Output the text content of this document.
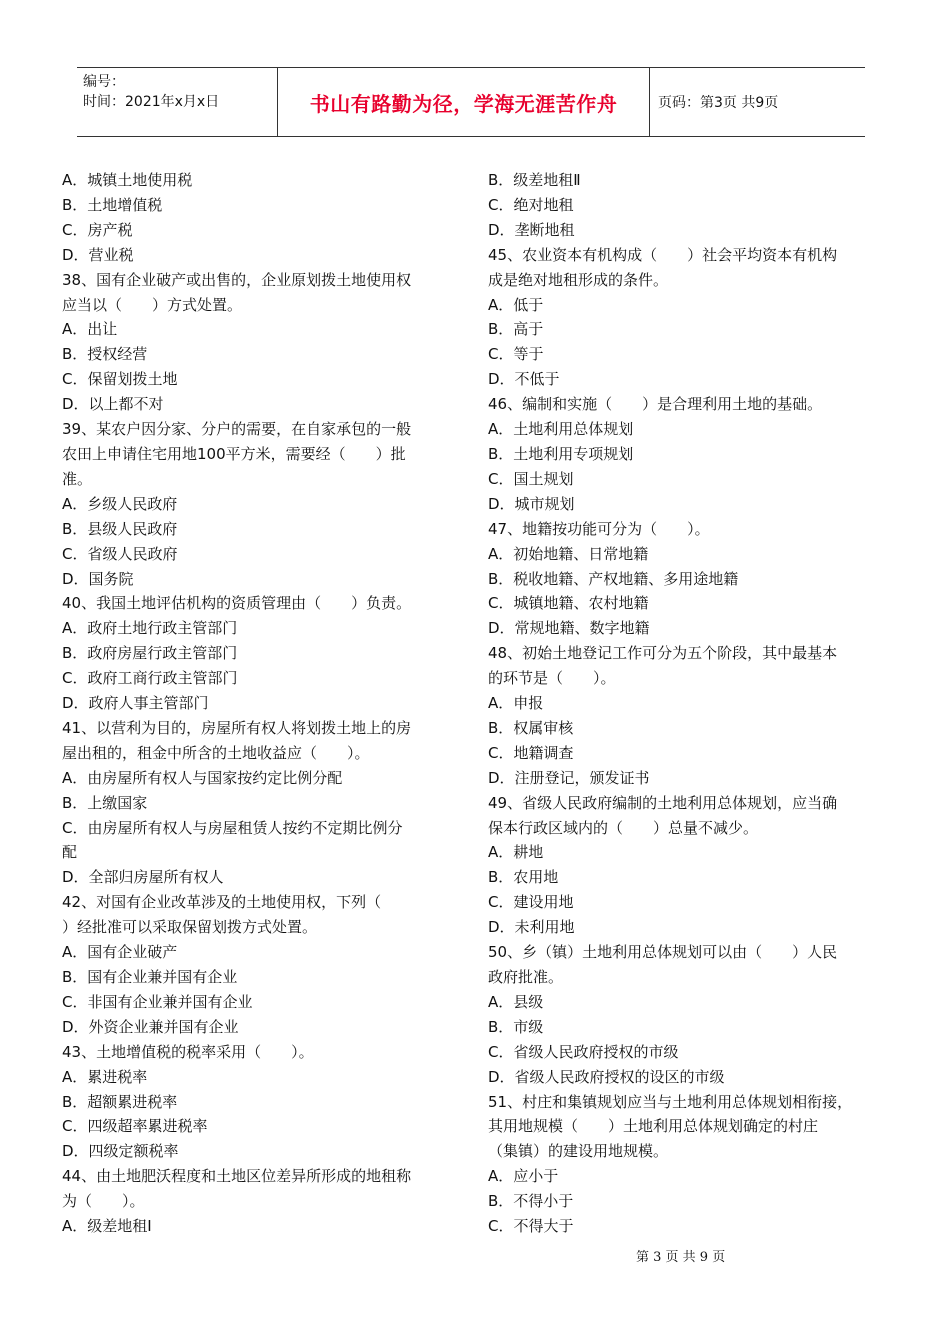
编号：
时间：2021年x月x日	书山有路勤为径，学海无涯苦作舟	页码：第3页 共9页
A．城镇土地使用税
B．土地增值税
C．房产税
D．营业税
38、国有企业破产或出售的，企业原划拨土地使用权
应当以（　　）方式处置。
A．出让
B．授权经营
C．保留划拨土地
D．以上都不对
39、某农户因分家、分户的需要，在自家承包的一般
农田上申请住宅用地100平方米，需要经（　　）批
准。
A．乡级人民政府
B．县级人民政府
C．省级人民政府
D．国务院
40、我国土地评估机构的资质管理由（　　）负责。
A．政府土地行政主管部门
B．政府房屋行政主管部门
C．政府工商行政主管部门
D．政府人事主管部门
41、以营利为目的，房屋所有权人将划拨土地上的房
屋出租的，租金中所含的土地收益应（　　）。
A．由房屋所有权人与国家按约定比例分配
B．上缴国家
C．由房屋所有权人与房屋租赁人按约不定期比例分
配
D．全部归房屋所有权人
42、对国有企业改革涉及的土地使用权，下列（
）经批准可以采取保留划拨方式处置。
A．国有企业破产
B．国有企业兼并国有企业
C．非国有企业兼并国有企业
D．外资企业兼并国有企业
43、土地增值税的税率采用（　　）。
A．累进税率
B．超额累进税率
C．四级超率累进税率
D．四级定额税率
44、由土地肥沃程度和土地区位差异所形成的地租称
为（　　）。
A．级差地租Ⅰ
B．级差地租Ⅱ
C．绝对地租
D．垄断地租
45、农业资本有机构成（　　）社会平均资本有机构
成是绝对地租形成的条件。
A．低于
B．高于
C．等于
D．不低于
46、编制和实施（　　）是合理利用土地的基础。
A．土地利用总体规划
B．土地利用专项规划
C．国土规划
D．城市规划
47、地籍按功能可分为（　　）。
A．初始地籍、日常地籍
B．税收地籍、产权地籍、多用途地籍
C．城镇地籍、农村地籍
D．常规地籍、数字地籍
48、初始土地登记工作可分为五个阶段，其中最基本
的环节是（　　）。
A．申报
B．权属审核
C．地籍调查
D．注册登记，颁发证书
49、省级人民政府编制的土地利用总体规划，应当确
保本行政区域内的（　　）总量不减少。
A．耕地
B．农用地
C．建设用地
D．未利用地
50、乡（镇）土地利用总体规划可以由（　　）人民
政府批准。
A．县级
B．市级
C．省级人民政府授权的市级
D．省级人民政府授权的设区的市级
51、村庄和集镇规划应当与土地利用总体规划相衔接，
其用地规模（　　）土地利用总体规划确定的村庄
（集镇）的建设用地规模。
A．应小于
B．不得小于
C．不得大于
第 3 页 共 9 页
